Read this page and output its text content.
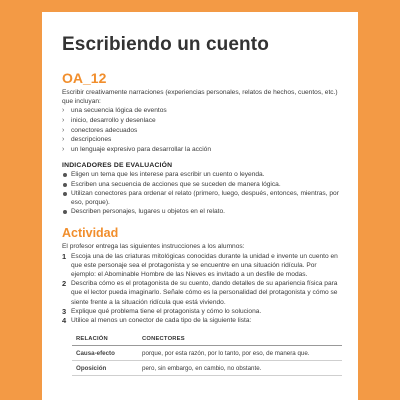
Escribiendo un cuento
OA_12

Escribir creativamente narraciones (experiencias personales, relatos de hechos, cuentos, etc.) que incluyan:

› una secuencia lógica de eventos
› inicio, desarrollo y desenlace
› conectores adecuados
› descripciones
› un lenguaje expresivo para desarrollar la acción
INDICADORES DE EVALUACIÓN
Eligen un tema que les interese para escribir un cuento o leyenda.
Escriben una secuencia de acciones que se suceden de manera lógica.
Utilizan conectores para ordenar el relato (primero, luego, después, entonces, mientras, por eso, porque).
Describen personajes, lugares u objetos en el relato.
Actividad

El profesor entrega las siguientes instrucciones a los alumnos:

1 Escoja una de las criaturas mitológicas conocidas durante la unidad e invente un cuento en que este personaje sea el protagonista y se encuentre en una situación ridícula. Por ejemplo: el Abominable Hombre de las Nieves es invitado a un desfile de modas.
2 Describa cómo es el protagonista de su cuento, dando detalles de su apariencia física para que el lector pueda imaginarlo. Señale cómo es la personalidad del protagonista y cómo se siente frente a la situación ridícula que está viviendo.
3 Explique qué problema tiene el protagonista y cómo lo soluciona.
4 Utilice al menos un conector de cada tipo de la siguiente lista:
RELACIÓN	CONECTORES
Causa-efecto	porque, por esta razón, por lo tanto, por eso, de manera que.
Oposición	pero, sin embargo, en cambio, no obstante.
